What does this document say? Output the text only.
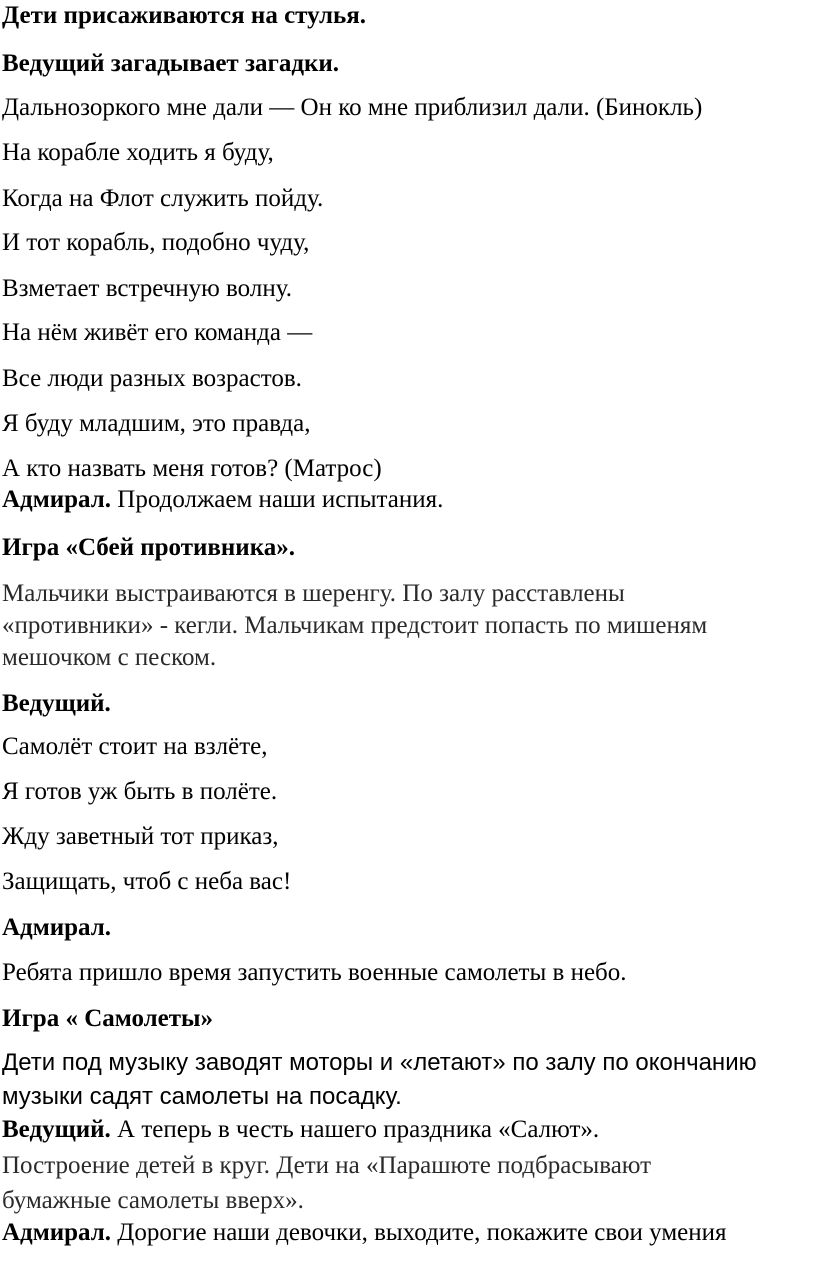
Дети присаживаются на стулья.
Ведущий загадывает загадки.
Дальнозоркого мне дали — Он ко мне приблизил дали. (Бинокль)
На корабле ходить я буду,
Когда на Флот служить пойду.
И тот корабль, подобно чуду,
Взметает встречную волну.
На нём живёт его команда —
Все люди разных возрастов.
Я буду младшим, это правда,
А кто назвать меня готов? (Матрос)
Адмирал. Продолжаем наши испытания.
Игра «Сбей противника».
Мальчики выстраиваются в шеренгу. По залу расставлены
«противники» - кегли. Мальчикам предстоит попасть по мишеням
мешочком с песком.
Ведущий.
Самолёт стоит на взлёте,
Я готов уж быть в полёте.
Жду заветный тот приказ,
Защищать, чтоб с неба вас!
Адмирал.
Ребята пришло время запустить военные самолеты в небо.
Игра « Самолеты»
Дети под музыку заводят моторы и «летают» по залу по окончанию
музыки садят самолеты на посадку.
Ведущий. А теперь в честь нашего праздника «Салют».
Построение детей в круг. Дети на «Парашюте подбрасывают
бумажные самолеты вверх».
Адмирал. Дорогие наши девочки, выходите, покажите свои умения
